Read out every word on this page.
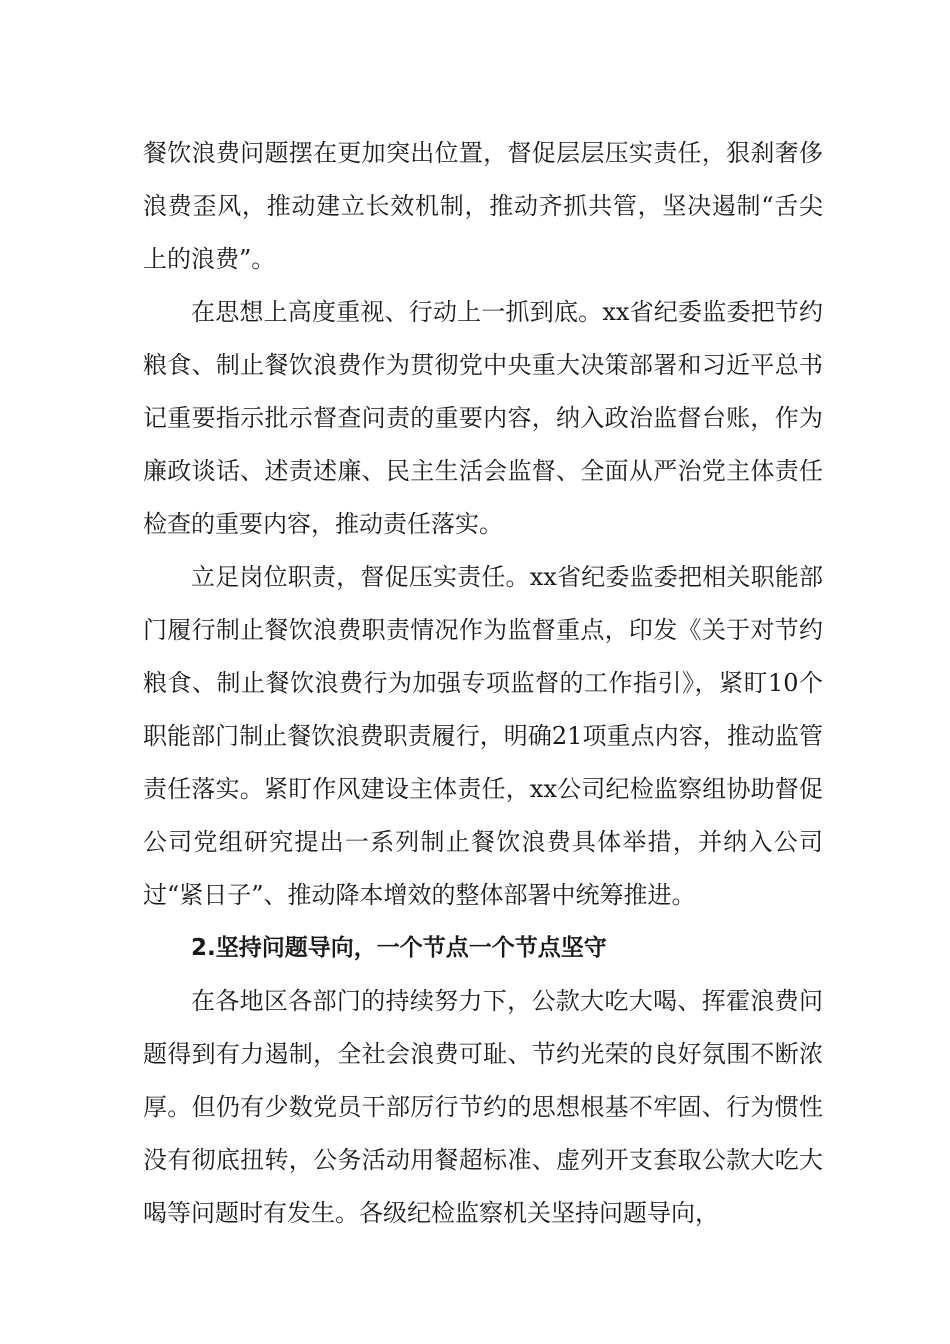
餐饮浪费问题摆在更加突出位置，督促层层压实责任，狠刹奢侈浪费歪风，推动建立长效机制，推动齐抓共管，坚决遏制“舌尖上的浪费”。

在思想上高度重视、行动上一抓到底。xx省纪委监委把节约粮食、制止餐饮浪费作为贯彻党中央重大决策部署和习近平总书记重要指示批示督查问责的重要内容，纳入政治监督台账，作为廉政谈话、述责述廉、民主生活会监督、全面从严治党主体责任检查的重要内容，推动责任落实。

立足岗位职责，督促压实责任。xx省纪委监委把相关职能部门履行制止餐饮浪费职责情况作为监督重点，印发《关于对节约粮食、制止餐饮浪费行为加强专项监督的工作指引》，紧盯10个职能部门制止餐饮浪费职责履行，明确21项重点内容，推动监管责任落实。紧盯作风建设主体责任，xx公司纪检监察组协助督促公司党组研究提出一系列制止餐饮浪费具体举措，并纳入公司过“紧日子”、推动降本增效的整体部署中统筹推进。

2.坚持问题导向，一个节点一个节点坚守

在各地区各部门的持续努力下，公款大吃大喝、挥霍浪费问题得到有力遏制，全社会浪费可耻、节约光荣的良好氛围不断浓厚。但仍有少数党员干部厉行节约的思想根基不牢固、行为惯性没有彻底扭转，公务活动用餐超标准、虚列开支套取公款大吃大喝等问题时有发生。各级纪检监察机关坚持问题导向，
